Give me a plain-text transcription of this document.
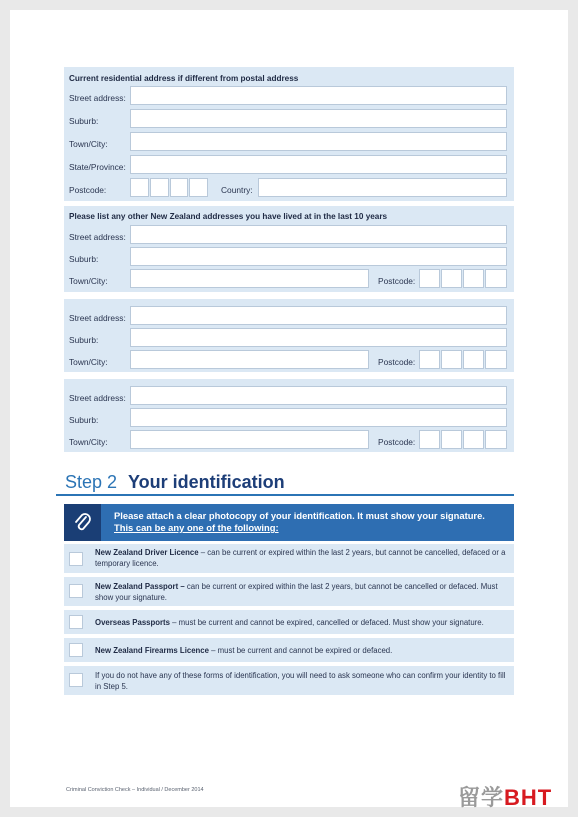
Current residential address if different from postal address
Street address:
Suburb:
Town/City:
State/Province:
Postcode:	Country:
Please list any other New Zealand addresses you have lived at in the last 10 years
Street address:
Suburb:
Town/City:	Postcode:
Street address:
Suburb:
Town/City:	Postcode:
Street address:
Suburb:
Town/City:	Postcode:
Step 2 Your identification
Please attach a clear photocopy of your identification. It must show your signature.
This can be any one of the following:
New Zealand Driver Licence – can be current or expired within the last 2 years, but cannot be cancelled, defaced or a temporary licence.
New Zealand Passport – can be current or expired within the last 2 years, but cannot be cancelled or defaced. Must show your signature.
Overseas Passports – must be current and cannot be expired, cancelled or defaced. Must show your signature.
New Zealand Firearms Licence – must be current and cannot be expired or defaced.
If you do not have any of these forms of identification, you will need to ask someone who can confirm your identity to fill in Step 5.
Criminal Conviction Check – Individual / December 2014	留学BHT
